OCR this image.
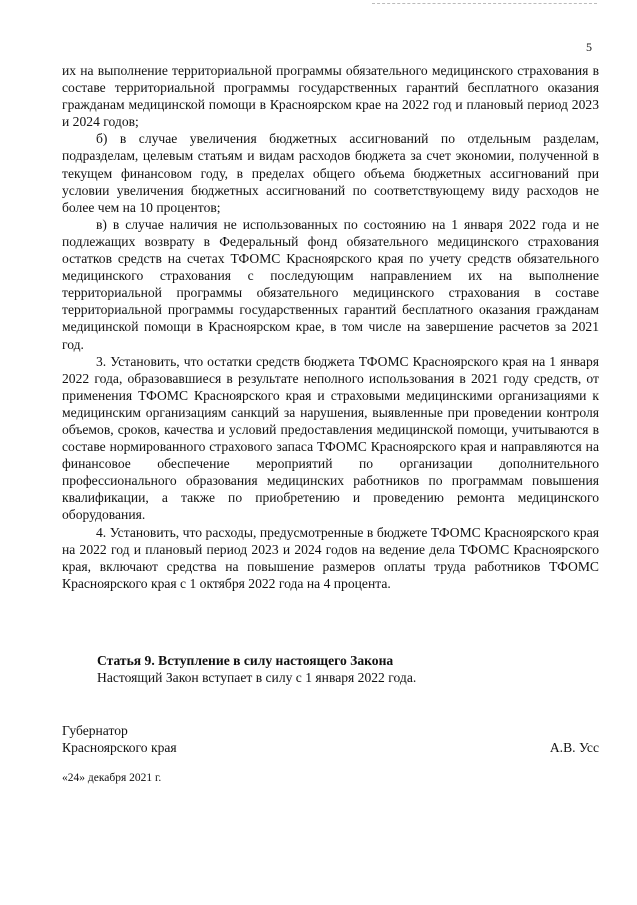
5

их на выполнение территориальной программы обязательного медицинского страхования в составе территориальной программы государственных гарантий бесплатного оказания гражданам медицинской помощи в Красноярском крае на 2022 год и плановый период 2023 и 2024 годов;

б) в случае увеличения бюджетных ассигнований по отдельным разделам, подразделам, целевым статьям и видам расходов бюджета за счет экономии, полученной в текущем финансовом году, в пределах общего объема бюджетных ассигнований при условии увеличения бюджетных ассигнований по соответствующему виду расходов не более чем на 10 процентов;

в) в случае наличия не использованных по состоянию на 1 января 2022 года и не подлежащих возврату в Федеральный фонд обязательного медицинского страхования остатков средств на счетах ТФОМС Красноярского края по учету средств обязательного медицинского страхования с последующим направлением их на выполнение территориальной программы обязательного медицинского страхования в составе территориальной программы государственных гарантий бесплатного оказания гражданам медицинской помощи в Красноярском крае, в том числе на завершение расчетов за 2021 год.

3. Установить, что остатки средств бюджета ТФОМС Красноярского края на 1 января 2022 года, образовавшиеся в результате неполного использования в 2021 году средств, от применения ТФОМС Красноярского края и страховыми медицинскими организациями к медицинским организациям санкций за нарушения, выявленные при проведении контроля объемов, сроков, качества и условий предоставления медицинской помощи, учитываются в составе нормированного страхового запаса ТФОМС Красноярского края и направляются на финансовое обеспечение мероприятий по организации дополнительного профессионального образования медицинских работников по программам повышения квалификации, а также по приобретению и проведению ремонта медицинского оборудования.

4. Установить, что расходы, предусмотренные в бюджете ТФОМС Красноярского края на 2022 год и плановый период 2023 и 2024 годов на ведение дела ТФОМС Красноярского края, включают средства на повышение размеров оплаты труда работников ТФОМС Красноярского края с 1 октября 2022 года на 4 процента.

Статья 9. Вступление в силу настоящего Закона

Настоящий Закон вступает в силу с 1 января 2022 года.

Губернатор
Красноярского края	А.В. Усс
«24» декабря 2021 г.
